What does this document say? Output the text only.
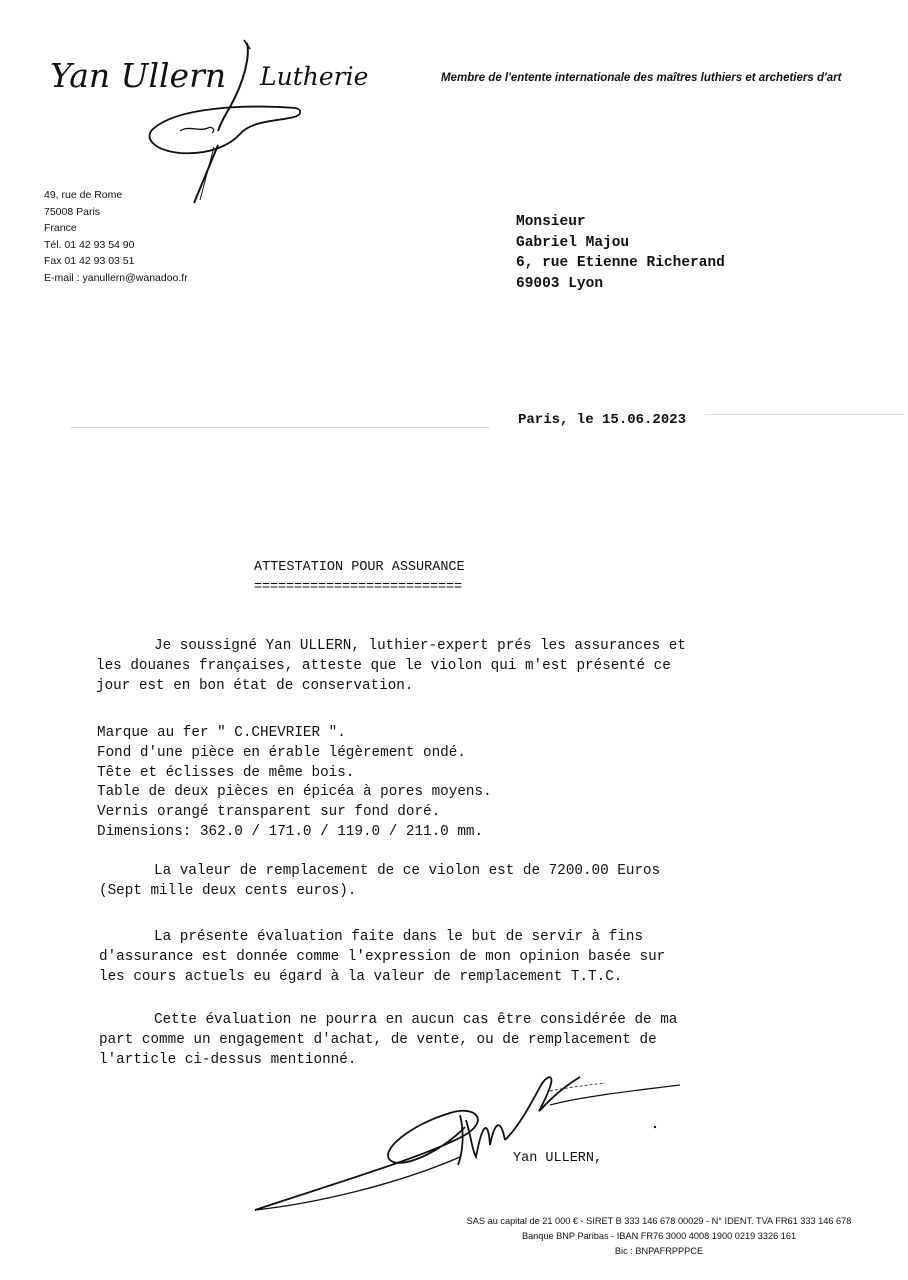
Yan Ullern Lutherie	Membre de l'entente internationale des maîtres luthiers et archetiers d'art
49, rue de Rome
75008 Paris
France
Tél. 01 42 93 54 90
Fax 01 42 93 03 51
E-mail : yanullern@wanadoo.fr
Monsieur
Gabriel Majou
6, rue Etienne Richerand
69003 Lyon
Paris, le 15.06.2023
ATTESTATION POUR ASSURANCE
==========================
Je soussigné Yan ULLERN, luthier-expert prés les assurances et
les douanes françaises, atteste que le violon qui m'est présenté ce
jour est en bon état de conservation.
Marque au fer " C.CHEVRIER ".
Fond d'une pièce en érable légèrement ondé.
Tête et éclisses de même bois.
Table de deux pièces en épicéa à pores moyens.
Vernis orangé transparent sur fond doré.
Dimensions: 362.0 / 171.0 / 119.0 / 211.0 mm.
La valeur de remplacement de ce violon est de 7200.00 Euros
(Sept mille deux cents euros).
La présente évaluation faite dans le but de servir à fins
d'assurance est donnée comme l'expression de mon opinion basée sur
les cours actuels eu égard à la valeur de remplacement T.T.C.
Cette évaluation ne pourra en aucun cas être considérée de ma
part comme un engagement d'achat, de vente, ou de remplacement de
l'article ci-dessus mentionné.
Yan ULLERN,
SAS au capital de 21 000 € - SIRET B 333 146 678 00029 - N° IDENT. TVA FR61 333 146 678
Banque BNP Paribas - IBAN FR76 3000 4008 1900 0219 3326 161
Bic : BNPAFRPPPCE
